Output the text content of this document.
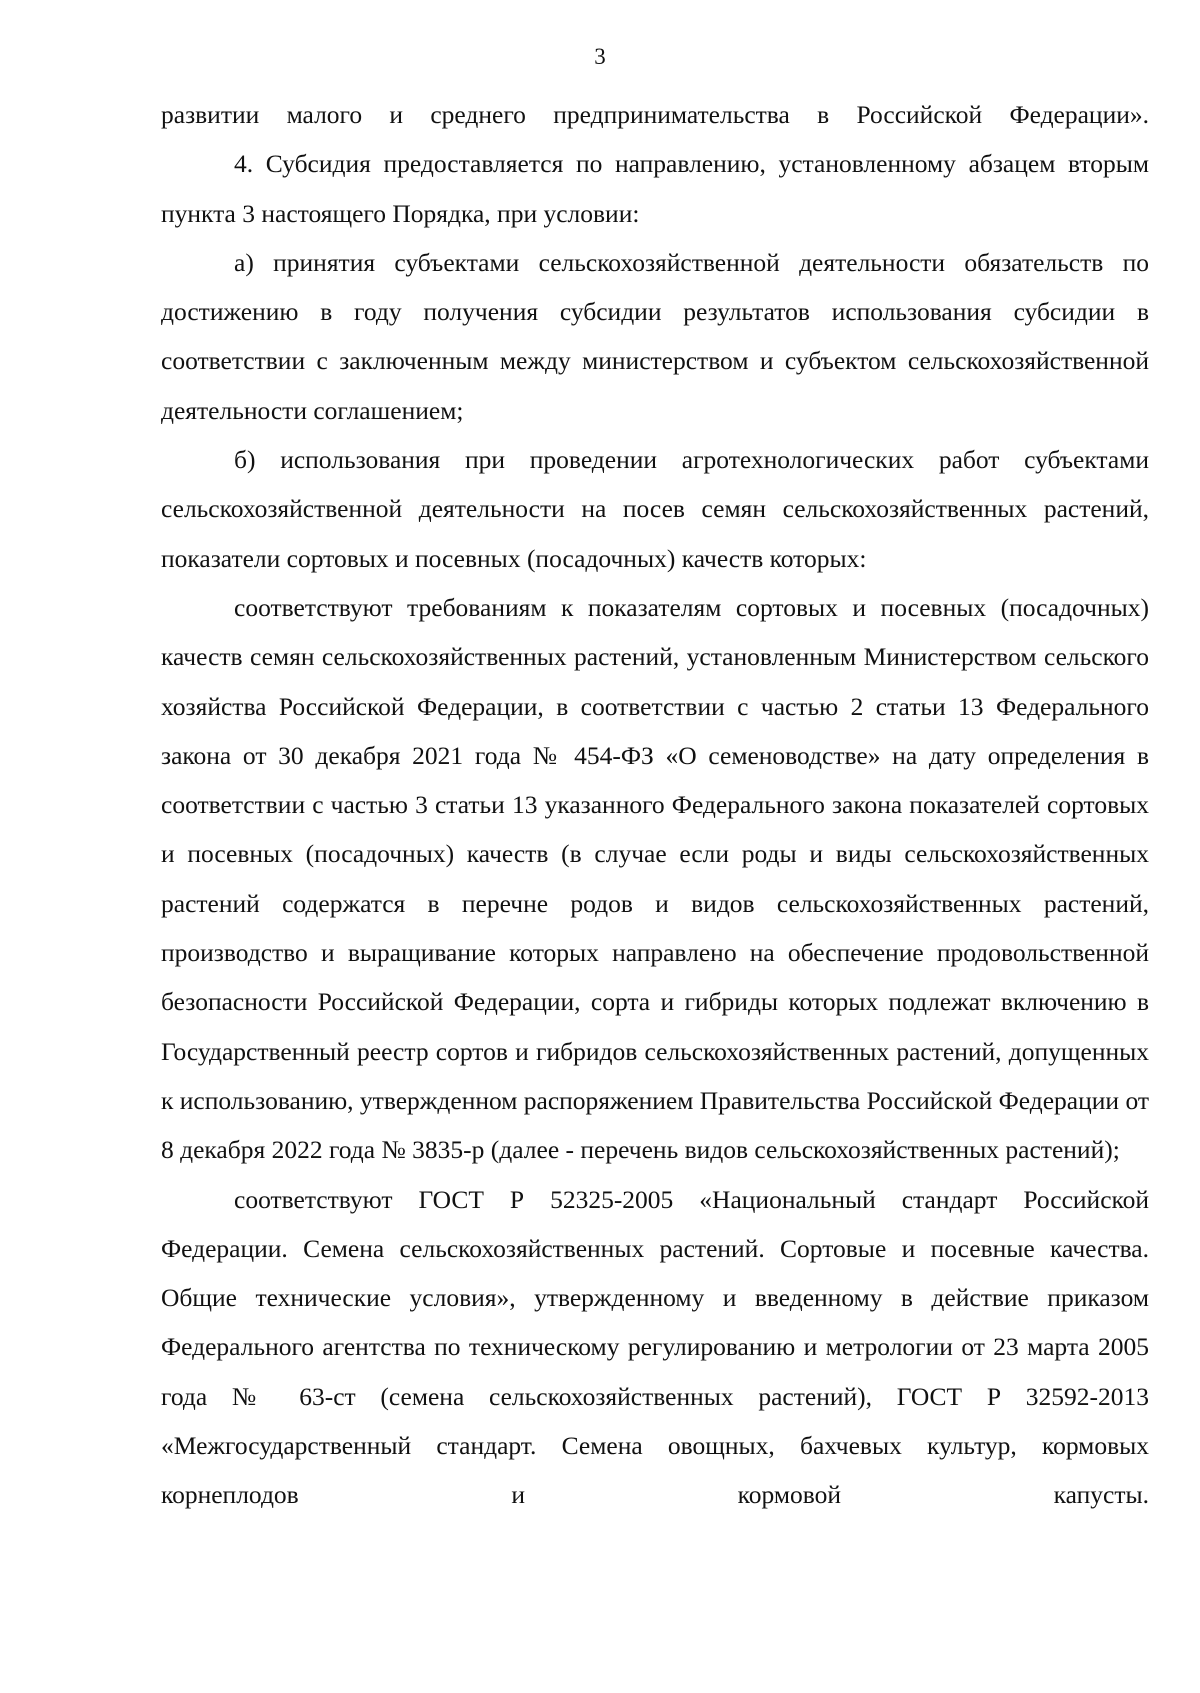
3

развитии малого и среднего предпринимательства в Российской Федерации».

4. Субсидия предоставляется по направлению, установленному абзацем вторым пункта 3 настоящего Порядка, при условии:

а) принятия субъектами сельскохозяйственной деятельности обязательств по достижению в году получения субсидии результатов использования субсидии в соответствии с заключенным между министерством и субъектом сельскохозяйственной деятельности соглашением;

б) использования при проведении агротехнологических работ субъектами сельскохозяйственной деятельности на посев семян сельскохозяйственных растений, показатели сортовых и посевных (посадочных) качеств которых:

соответствуют требованиям к показателям сортовых и посевных (посадочных) качеств семян сельскохозяйственных растений, установленным Министерством сельского хозяйства Российской Федерации, в соответствии с частью 2 статьи 13 Федерального закона от 30 декабря 2021 года № 454-ФЗ «О семеноводстве» на дату определения в соответствии с частью 3 статьи 13 указанного Федерального закона показателей сортовых и посевных (посадочных) качеств (в случае если роды и виды сельскохозяйственных растений содержатся в перечне родов и видов сельскохозяйственных растений, производство и выращивание которых направлено на обеспечение продовольственной безопасности Российской Федерации, сорта и гибриды которых подлежат включению в Государственный реестр сортов и гибридов сельскохозяйственных растений, допущенных к использованию, утвержденном распоряжением Правительства Российской Федерации от 8 декабря 2022 года № 3835-р (далее - перечень видов сельскохозяйственных растений);

соответствуют ГОСТ Р 52325-2005 «Национальный стандарт Российской Федерации. Семена сельскохозяйственных растений. Сортовые и посевные качества. Общие технические условия», утвержденному и введенному в действие приказом Федерального агентства по техническому регулированию и метрологии от 23 марта 2005 года № 63-ст (семена сельскохозяйственных растений), ГОСТ Р 32592-2013 «Межгосударственный стандарт. Семена овощных, бахчевых культур, кормовых корнеплодов и кормовой капусты.
